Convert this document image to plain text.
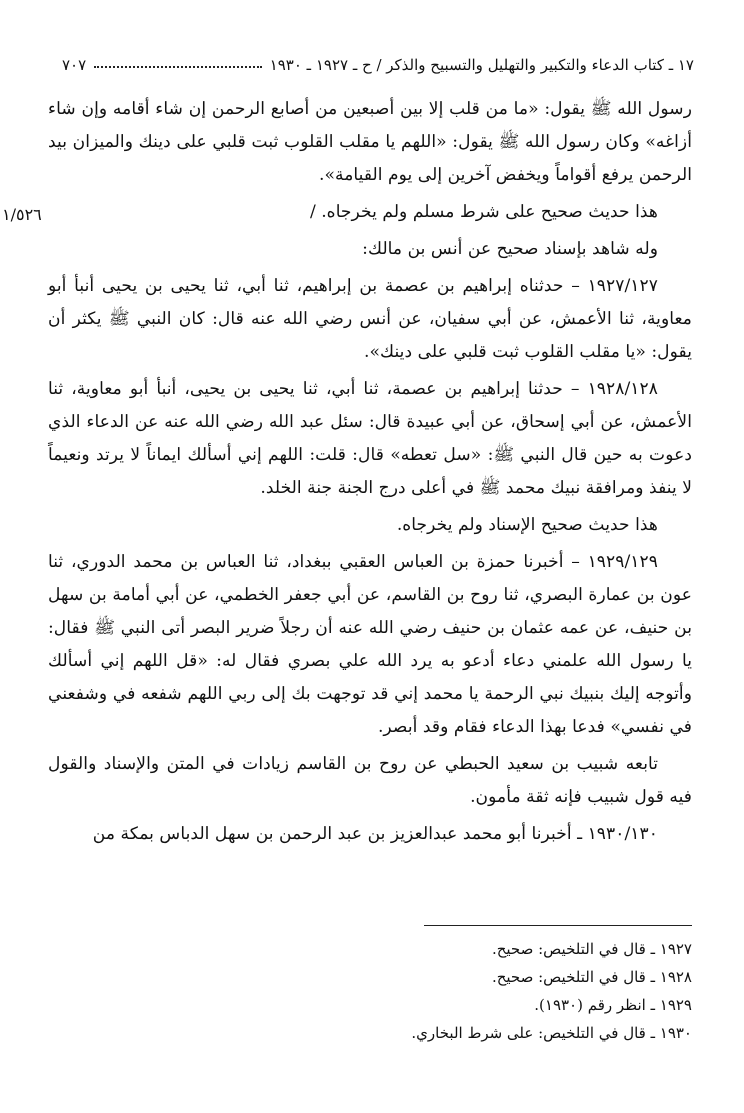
١٧ ـ كتاب الدعاء والتكبير والتهليل والتسبيح والذكر / ح ـ ١٩٢٧ ـ ١٩٣٠
٧٠٧
١/٥٢٦

رسول الله ﷺ يقول: «ما من قلب إلا بين أصبعين من أصابع الرحمن إن شاء أقامه وإن شاء أزاغه» وكان رسول الله ﷺ يقول: «اللهم يا مقلب القلوب ثبت قلبي على دينك والميزان بيد الرحمن يرفع أقواماً ويخفض آخرين إلى يوم القيامة».

هذا حديث صحيح على شرط مسلم ولم يخرجاه. /

وله شاهد بإسناد صحيح عن أنس بن مالك:

١٩٢٧/١٢٧ – حدثناه إبراهيم بن عصمة بن إبراهيم، ثنا أبي، ثنا يحيى بن يحيى أنبأ أبو معاوية، ثنا الأعمش، عن أبي سفيان، عن أنس رضي الله عنه قال: كان النبي ﷺ يكثر أن يقول: «يا مقلب القلوب ثبت قلبي على دينك».

١٩٢٨/١٢٨ – حدثنا إبراهيم بن عصمة، ثنا أبي، ثنا يحيى بن يحيى، أنبأ أبو معاوية، ثنا الأعمش، عن أبي إسحاق، عن أبي عبيدة قال: سئل عبد الله رضي الله عنه عن الدعاء الذي دعوت به حين قال النبي ﷺ: «سل تعطه» قال: قلت: اللهم إني أسألك ايماناً لا يرتد ونعيماً لا ينفذ ومرافقة نبيك محمد ﷺ في أعلى درج الجنة جنة الخلد.

هذا حديث صحيح الإسناد ولم يخرجاه.

١٩٢٩/١٢٩ – أخبرنا حمزة بن العباس العقبي ببغداد، ثنا العباس بن محمد الدوري، ثنا عون بن عمارة البصري، ثنا روح بن القاسم، عن أبي جعفر الخطمي، عن أبي أمامة بن سهل بن حنيف، عن عمه عثمان بن حنيف رضي الله عنه أن رجلاً ضرير البصر أتى النبي ﷺ فقال: يا رسول الله علمني دعاء أدعو به يرد الله علي بصري فقال له: «قل اللهم إني أسألك وأتوجه إليك بنبيك نبي الرحمة يا محمد إني قد توجهت بك إلى ربي اللهم شفعه في وشفعني في نفسي» فدعا بهذا الدعاء فقام وقد أبصر.

تابعه شبيب بن سعيد الحبطي عن روح بن القاسم زيادات في المتن والإسناد والقول فيه قول شبيب فإنه ثقة مأمون.

١٩٣٠/١٣٠ ـ أخبرنا أبو محمد عبدالعزيز بن عبد الرحمن بن سهل الدباس بمكة من

١٩٢٧ ـ قال في التلخيص: صحيح.
١٩٢٨ ـ قال في التلخيص: صحيح.
١٩٢٩ ـ انظر رقم (١٩٣٠).
١٩٣٠ ـ قال في التلخيص: على شرط البخاري.
